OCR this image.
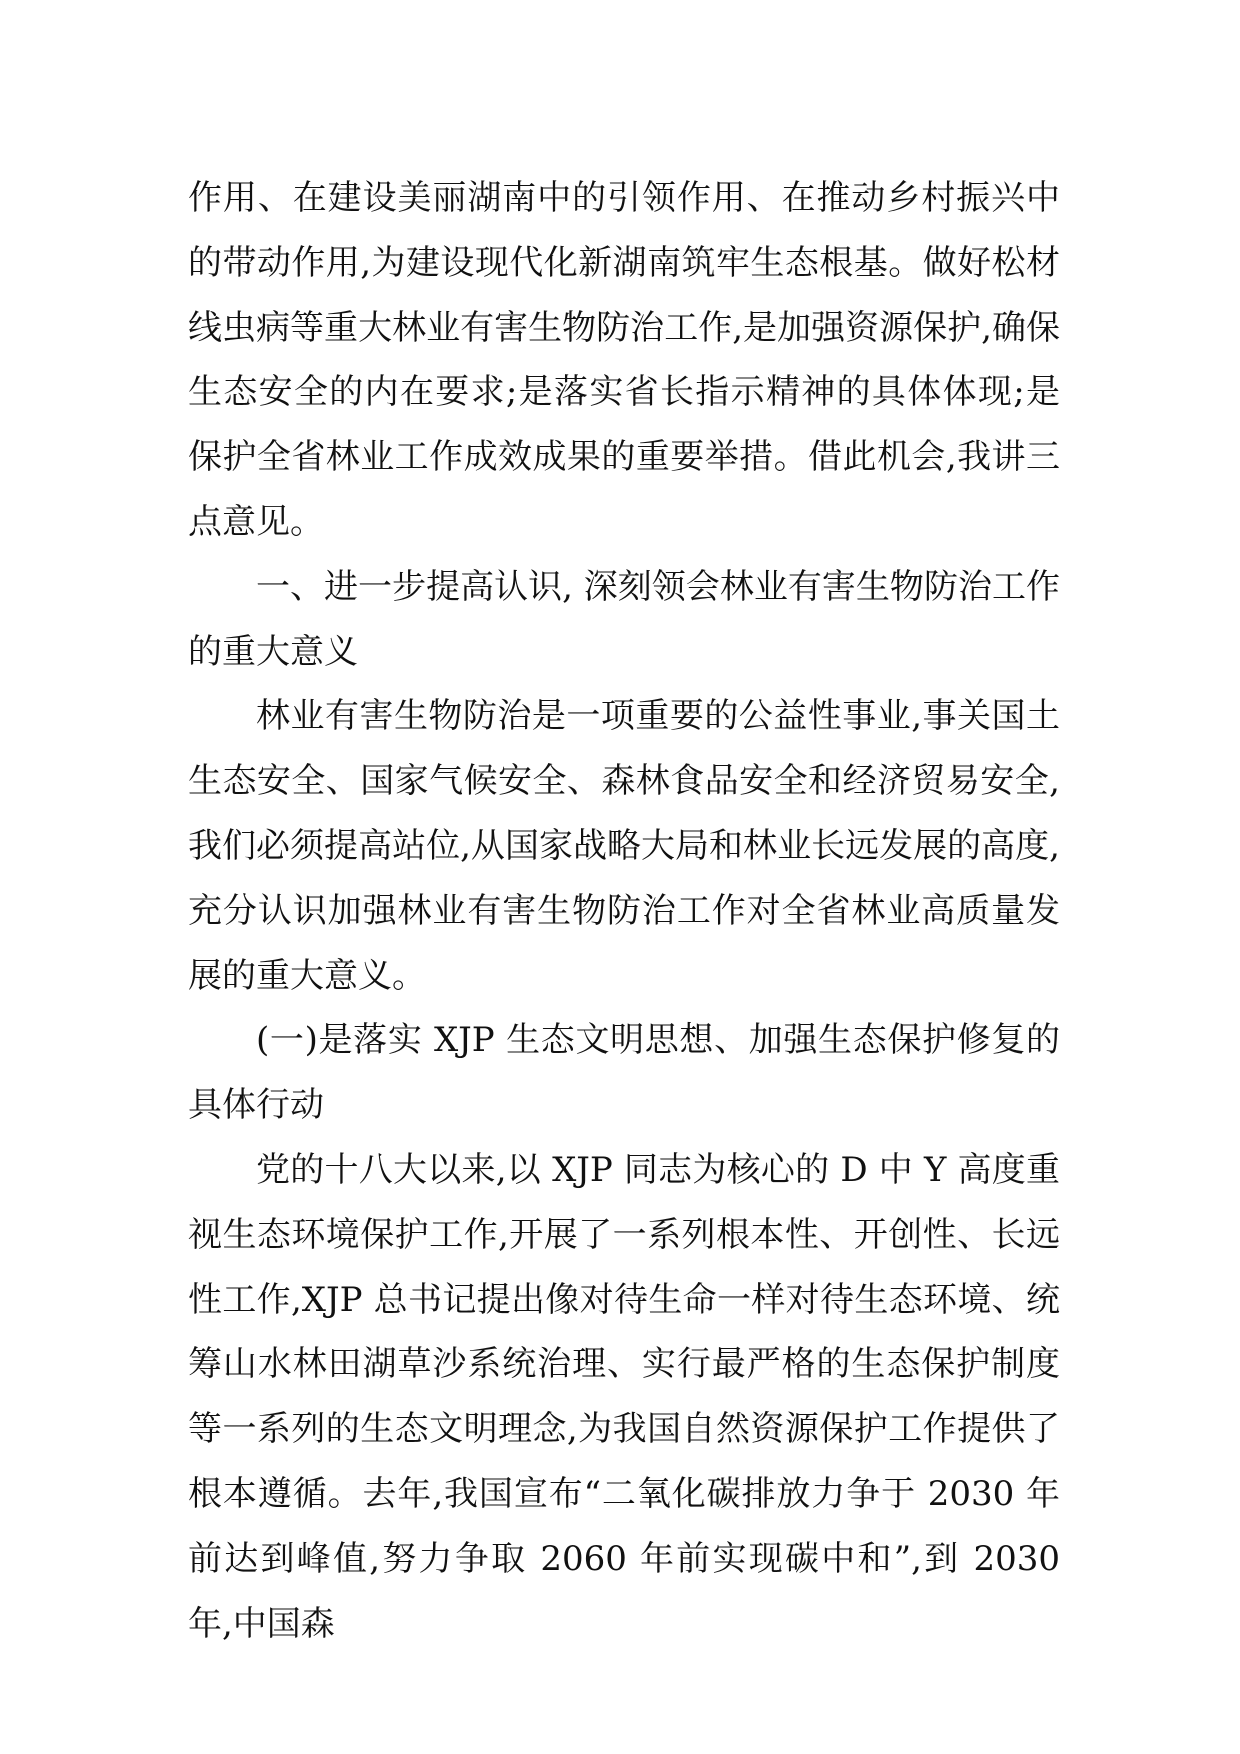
作用、在建设美丽湖南中的引领作用、在推动乡村振兴中的带动作用,为建设现代化新湖南筑牢生态根基。做好松材线虫病等重大林业有害生物防治工作,是加强资源保护,确保生态安全的内在要求;是落实省长指示精神的具体体现;是保护全省林业工作成效成果的重要举措。借此机会,我讲三点意见。

一、进一步提高认识, 深刻领会林业有害生物防治工作的重大意义

林业有害生物防治是一项重要的公益性事业,事关国土生态安全、国家气候安全、森林食品安全和经济贸易安全,我们必须提高站位,从国家战略大局和林业长远发展的高度,充分认识加强林业有害生物防治工作对全省林业高质量发展的重大意义。

(一)是落实 XJP 生态文明思想、加强生态保护修复的具体行动

党的十八大以来,以 XJP 同志为核心的 D 中 Y 高度重视生态环境保护工作,开展了一系列根本性、开创性、长远性工作,XJP 总书记提出像对待生命一样对待生态环境、统筹山水林田湖草沙系统治理、实行最严格的生态保护制度等一系列的生态文明理念,为我国自然资源保护工作提供了根本遵循。去年,我国宣布“二氧化碳排放力争于 2030 年前达到峰值,努力争取 2060 年前实现碳中和”,到 2030 年,中国森
